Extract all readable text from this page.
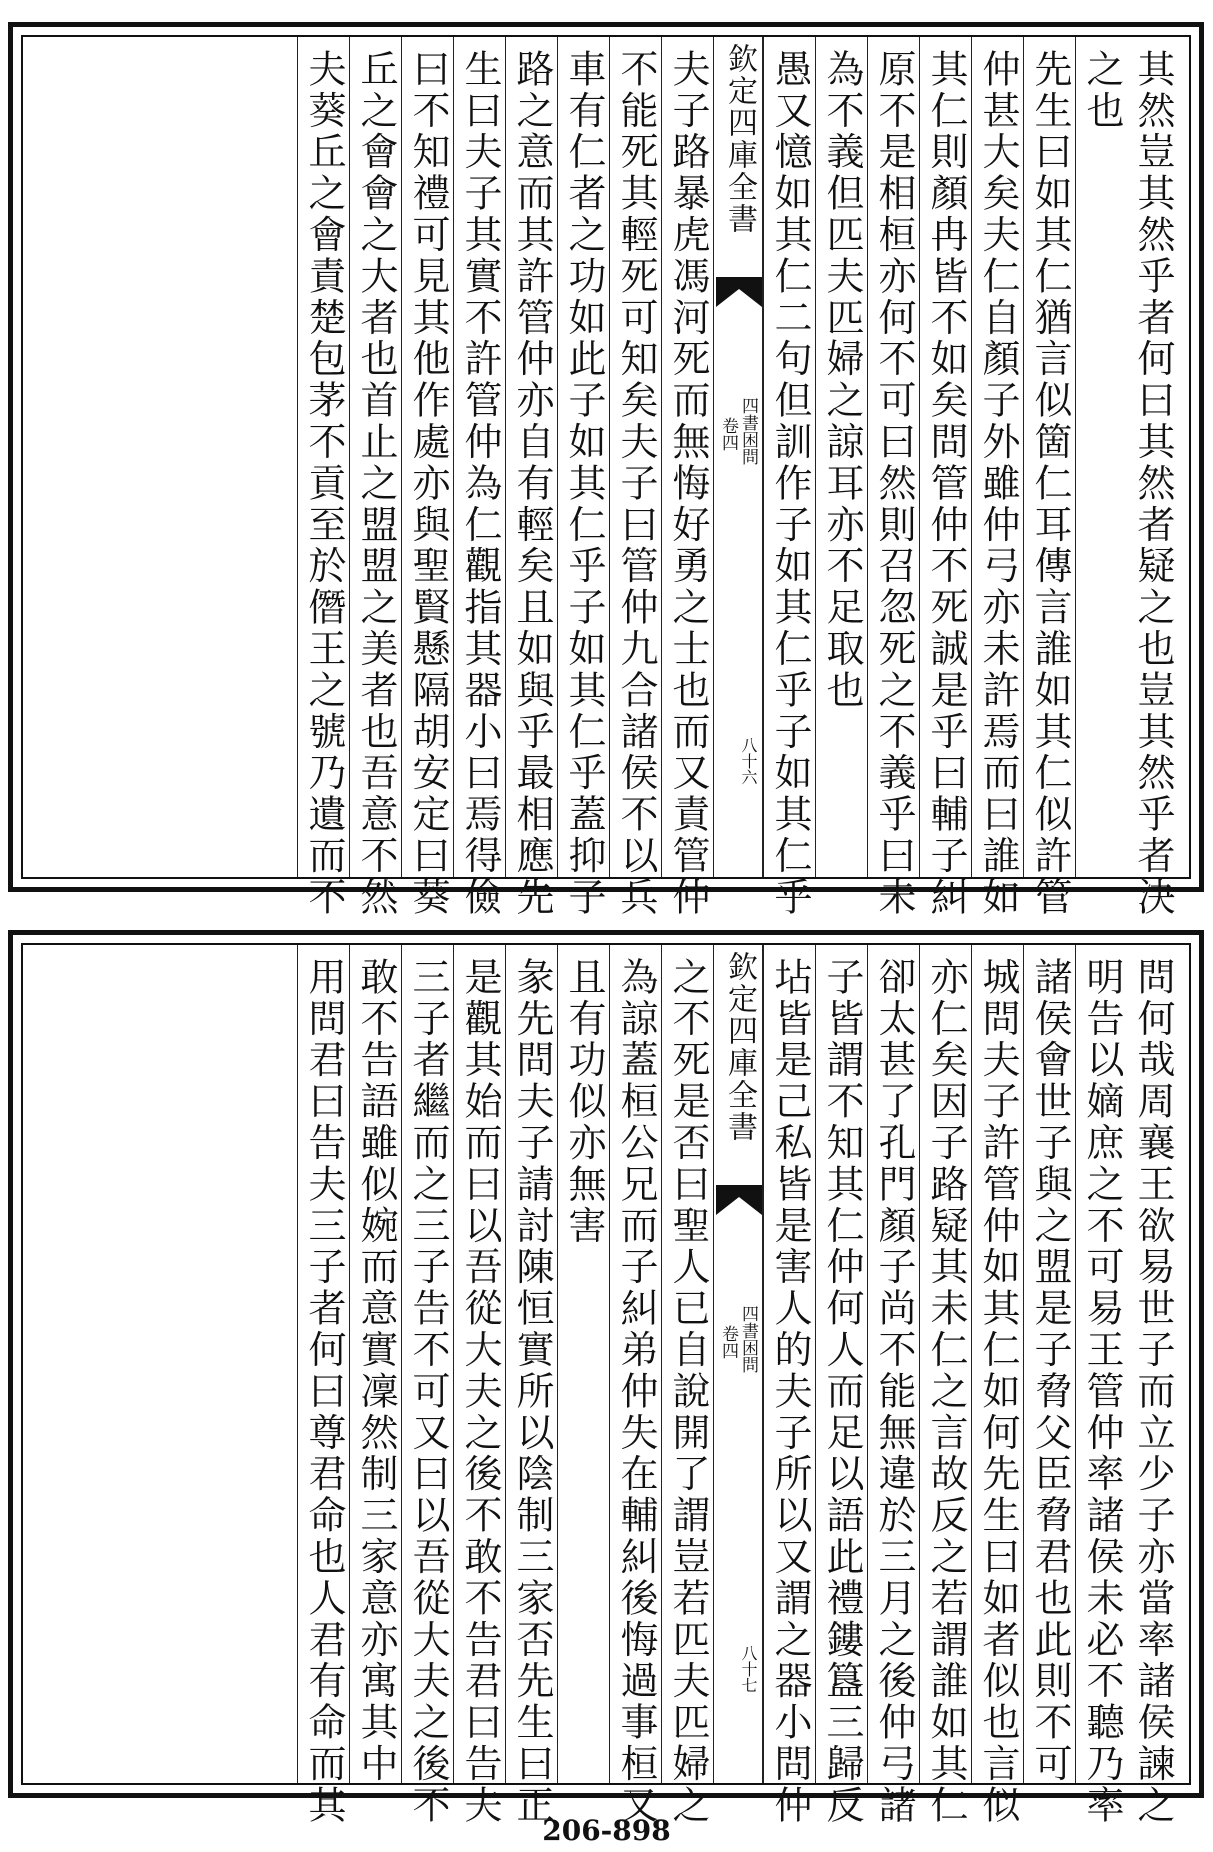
其然豈其然乎者何曰其然者疑之也豈其然乎者決
之也
先生曰如其仁猶言似箇仁耳傳言誰如其仁似許管
仲甚大矣夫仁自顏子外雖仲弓亦未許焉而曰誰如
其仁則顏冉皆不如矣問管仲不死誠是乎曰輔子糾
原不是相桓亦何不可曰然則召忽死之不義乎曰未
為不義但匹夫匹婦之諒耳亦不足取也
愚又憶如其仁二句但訓作子如其仁乎子如其仁乎
欽定四庫全書
四書困問
卷四
八十六
夫子路暴虎馮河死而無悔好勇之士也而又責管仲
不能死其輕死可知矣夫子曰管仲九合諸侯不以兵
車有仁者之功如此子如其仁乎子如其仁乎蓋抑子
路之意而其許管仲亦自有輕矣且如與乎最相應先
生曰夫子其實不許管仲為仁觀指其器小曰焉得儉
曰不知禮可見其他作處亦與聖賢懸隔胡安定曰葵
丘之會會之大者也首止之盟盟之美者也吾意不然
夫葵丘之會責楚包茅不貢至於僭王之號乃遺而不
問何哉周襄王欲易世子而立少子亦當率諸侯諫之
明告以嫡庶之不可易王管仲率諸侯未必不聽乃率
諸侯會世子與之盟是子脅父臣脅君也此則不可
城問夫子許管仲如其仁如何先生曰如者似也言似
亦仁矣因子路疑其未仁之言故反之若謂誰如其仁
卻太甚了孔門顏子尚不能無違於三月之後仲弓諸
子皆謂不知其仁仲何人而足以語此禮鏤簋三歸反
坫皆是己私皆是害人的夫子所以又謂之器小問仲
欽定四庫全書
四書困問
卷四
八十七
之不死是否曰聖人已自說開了謂豈若匹夫匹婦之
為諒蓋桓公兄而子糾弟仲失在輔糾後悔過事桓又
且有功似亦無害
彖先問夫子請討陳恒實所以陰制三家否先生曰正
是觀其始而曰以吾從大夫之後不敢不告君曰告夫
三子者繼而之三子告不可又曰以吾從大夫之後不
敢不告語雖似婉而意實凜然制三家意亦寓其中
用問君曰告夫三子者何曰尊君命也人君有命而其
206-898
